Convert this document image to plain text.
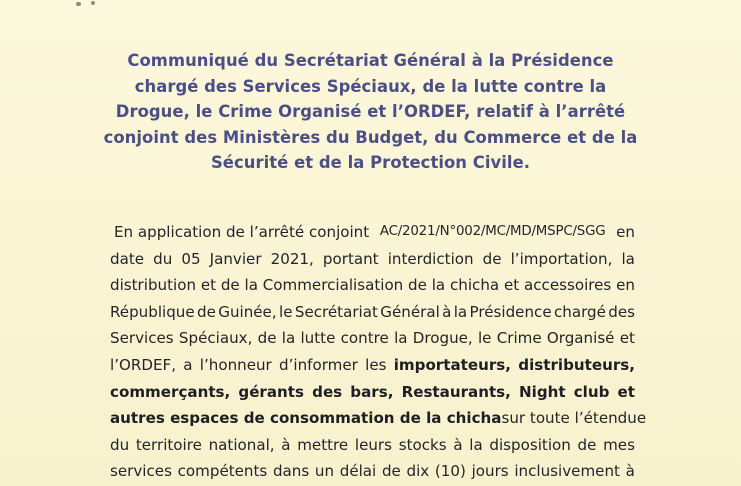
Communiqué du Secrétariat Général à la Présidence
chargé des Services Spéciaux, de la lutte contre la
Drogue, le Crime Organisé et l’ORDEF, relatif à l’arrêté
conjoint des Ministères du Budget, du Commerce et de la
Sécurité et de la Protection Civile.
En application de l’arrêté conjoint AC/2021/N°002/MC/MD/MSPC/SGG en
date du 05 Janvier 2021, portant interdiction de l’importation, la
distribution et de la Commercialisation de la chicha et accessoires en
République de Guinée, le Secrétariat Général à la Présidence chargé des
Services Spéciaux, de la lutte contre la Drogue, le Crime Organisé et
l’ORDEF, a l’honneur d’informer les importateurs, distributeurs,
commerçants, gérants des bars, Restaurants, Night club et
autres espaces de consommation de la chicha sur toute l’étendue
du territoire national, à mettre leurs stocks à la disposition de mes
services compétents dans un délai de dix (10) jours inclusivement à
